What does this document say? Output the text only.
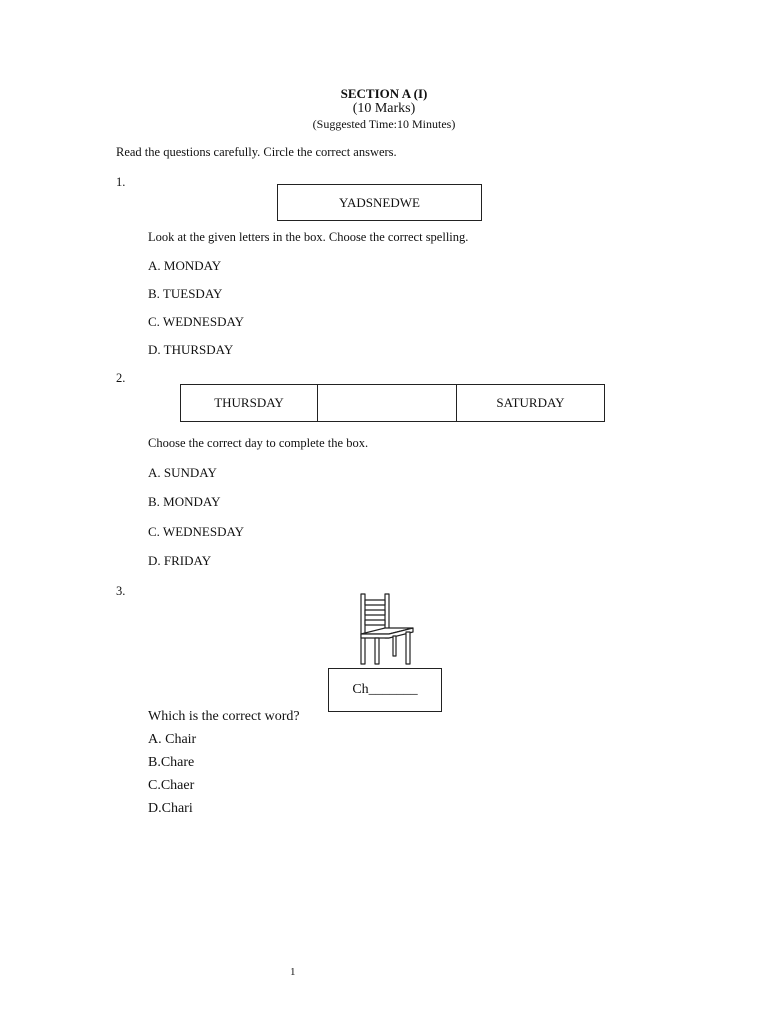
SECTION A (I)
(10 Marks)
(Suggested Time:10 Minutes)
Read the questions carefully. Circle the correct answers.
1.
YADSNEDWE
Look at the given letters in the box. Choose the correct spelling.
A. MONDAY
B. TUESDAY
C. WEDNESDAY
D. THURSDAY
2.
THURSDAY	SATURDAY
Choose the correct day to complete the box.
A. SUNDAY
B. MONDAY
C. WEDNESDAY
D. FRIDAY
3.
Ch_______
Which is the correct word?
A. Chair
B.Chare
C.Chaer
D.Chari
1
